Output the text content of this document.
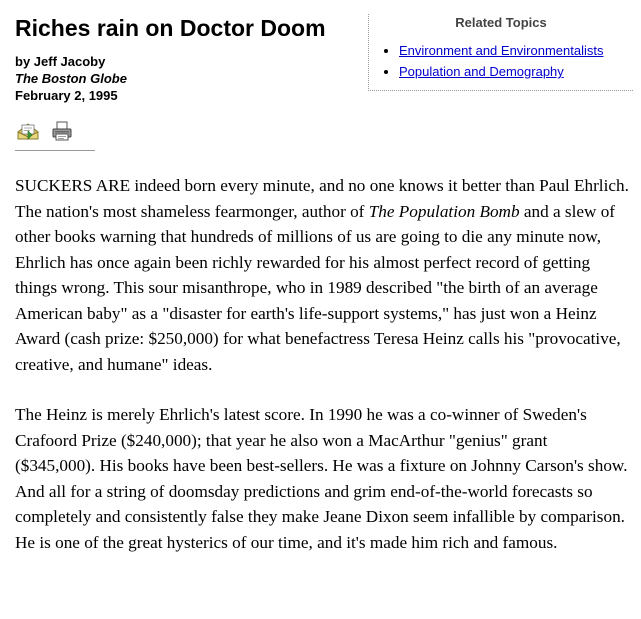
Riches rain on Doctor Doom
by Jeff Jacoby
The Boston Globe
February 2, 1995
Related Topics
• Environment and Environmentalists
• Population and Demography

SUCKERS ARE indeed born every minute, and no one knows it better than Paul Ehrlich. The nation's most shameless fearmonger, author of The Population Bomb and a slew of other books warning that hundreds of millions of us are going to die any minute now, Ehrlich has once again been richly rewarded for his almost perfect record of getting things wrong. This sour misanthrope, who in 1989 described "the birth of an average American baby" as a "disaster for earth's life-support systems," has just won a Heinz Award (cash prize: $250,000) for what benefactress Teresa Heinz calls his "provocative, creative, and humane" ideas.

The Heinz is merely Ehrlich's latest score. In 1990 he was a co-winner of Sweden's Crafoord Prize ($240,000); that year he also won a MacArthur "genius" grant ($345,000). His books have been best-sellers. He was a fixture on Johnny Carson's show. And all for a string of doomsday predictions and grim end-of-the-world forecasts so completely and consistently false they make Jeane Dixon seem infallible by comparison. He is one of the great hysterics of our time, and it's made him rich and famous.
